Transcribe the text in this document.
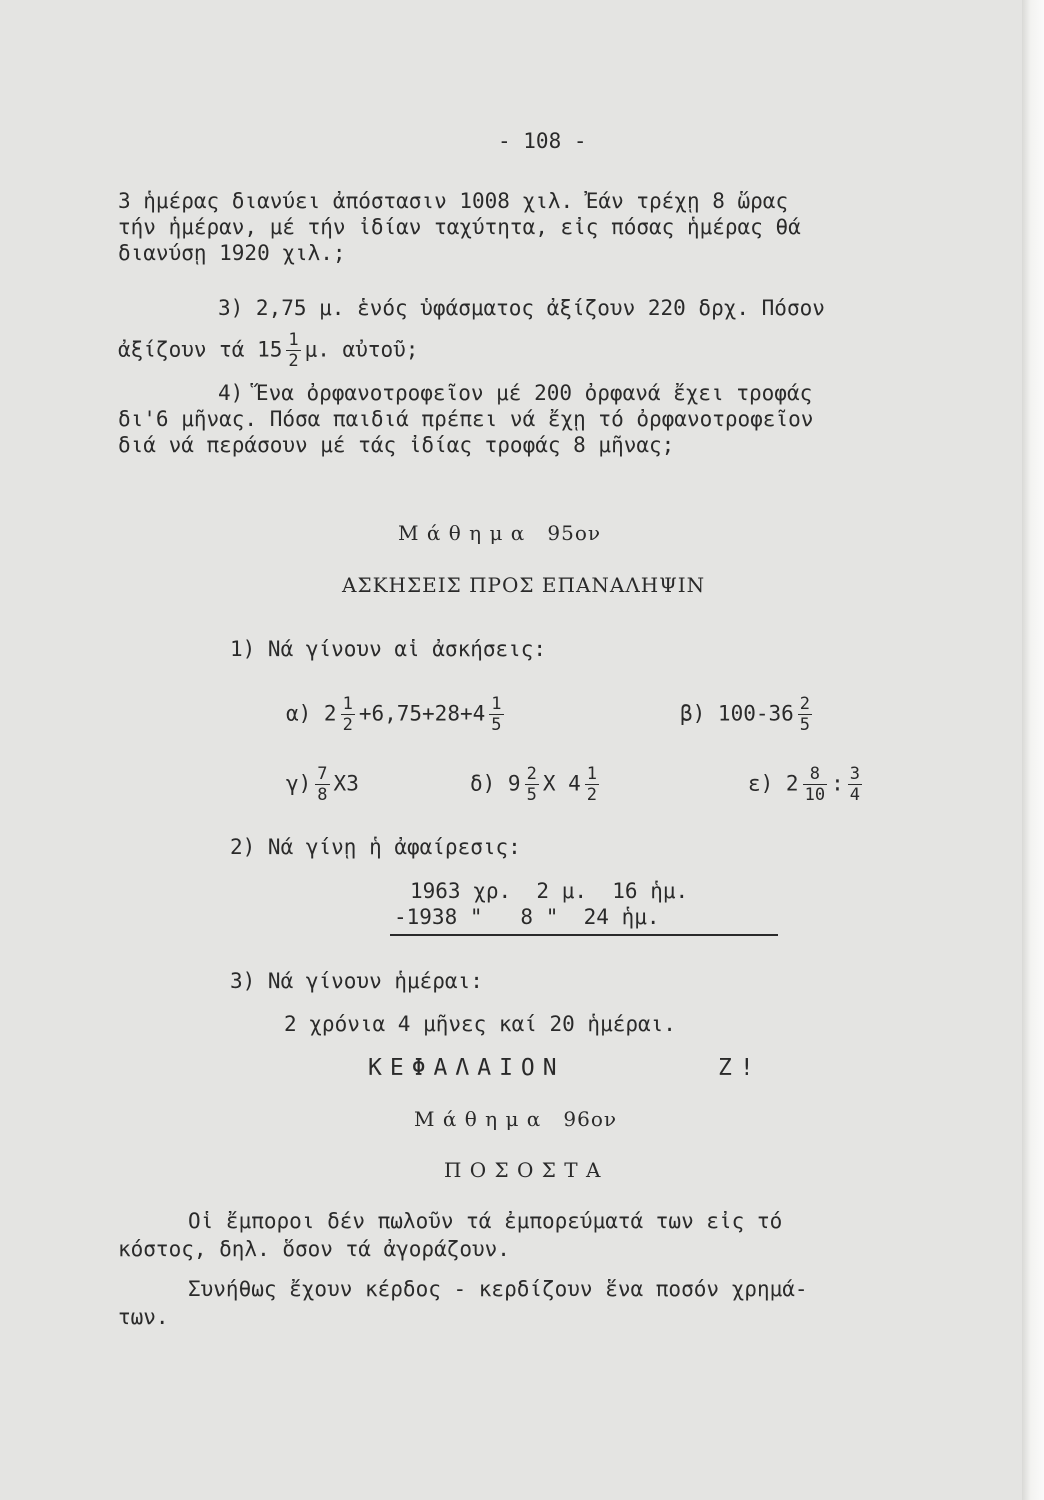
- 108 -
3 ἡμέρας διανύει ἀπόστασιν 1008 χιλ. Ἐάν τρέχῃ 8 ὥρας
τήν ἡμέραν, μέ τήν ἰδίαν ταχύτητα, εἰς πόσας ἡμέρας θά
διανύσῃ 1920 χιλ.;
3) 2,75 μ. ἑνός ὑφάσματος ἀξίζουν 220 δρχ. Πόσον
ἀξίζουν τά $15 \frac{1}{2} \mu$. αὐτοῦ;
4) Ἕνα ὀρφανοτροφεῖον μέ 200 ὀρφανά ἔχει τροφάς
δι'6 μῆνας. Πόσα παιδιά πρέπει νά ἔχῃ τό ὀρφανοτροφεῖον
διά νά περάσουν μέ τάς ἰδίας τροφάς 8 μῆνας;
Μ ά θ η μ α   95ον
ΑΣΚΗΣΕΙΣ ΠΡΟΣ ΕΠΑΝΑΛΗΨΙΝ
1) Νά γίνουν αἱ ἀσκήσεις:
α) $2 \frac{1}{2} +6,75+28+4 \frac{1}{5}$	β) $100-36 \frac{2}{5}$
$\gamma) \frac{7}{8} X3$	δ) $9 \frac{2}{5}$ X $4 \frac{1}{2}$	ε) $2 \frac{8}{10}$ : $\frac{3}{4}$
2) Νά γίνῃ ἡ ἀφαίρεσις:
1963 χρ.  2 μ.  16 ἡμ.
-1938 "   8 "  24 ἡμ.
3) Νά γίνουν ἡμέραι:
2 χρόνια 4 μῆνες καί 20 ἡμέραι.
ΚΕΦΑΛΑΙΟΝ	Ζ!
Μ ά θ η μ α   96ον
Π Ο Σ Ο Σ Τ Α
Οἱ ἔμποροι δέν πωλοῦν τά ἐμπορεύματά των εἰς τό
κόστος, δηλ. ὅσον τά ἀγοράζουν.
Συνήθως ἔχουν κέρδος - κερδίζουν ἕνα ποσόν χρημά-
των.
